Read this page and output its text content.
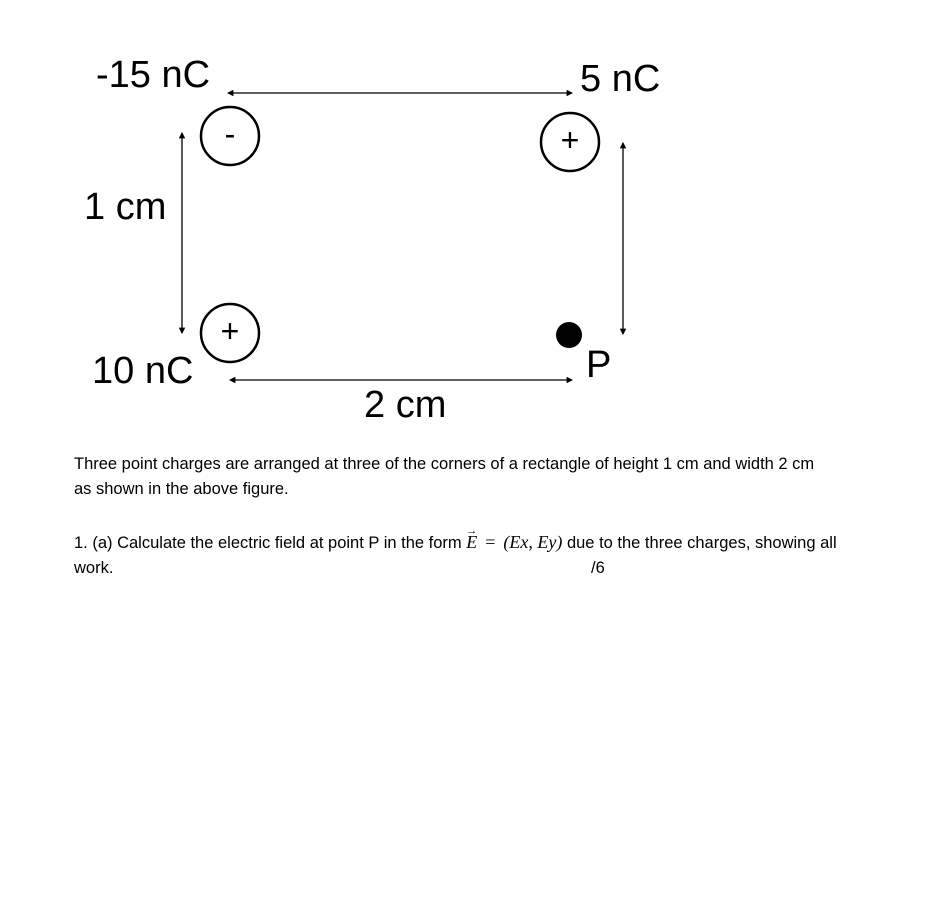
-	+
+
-15 nC	5 nC
10 nC	P
1 cm
2 cm
Three point charges are arranged at three of the corners of a rectangle of height 1 cm and width 2 cm as shown in the above figure.
1. (a) Calculate the electric field at point P in the form → E = (Ex, Ey) due to the three charges, showing all work.	/6
